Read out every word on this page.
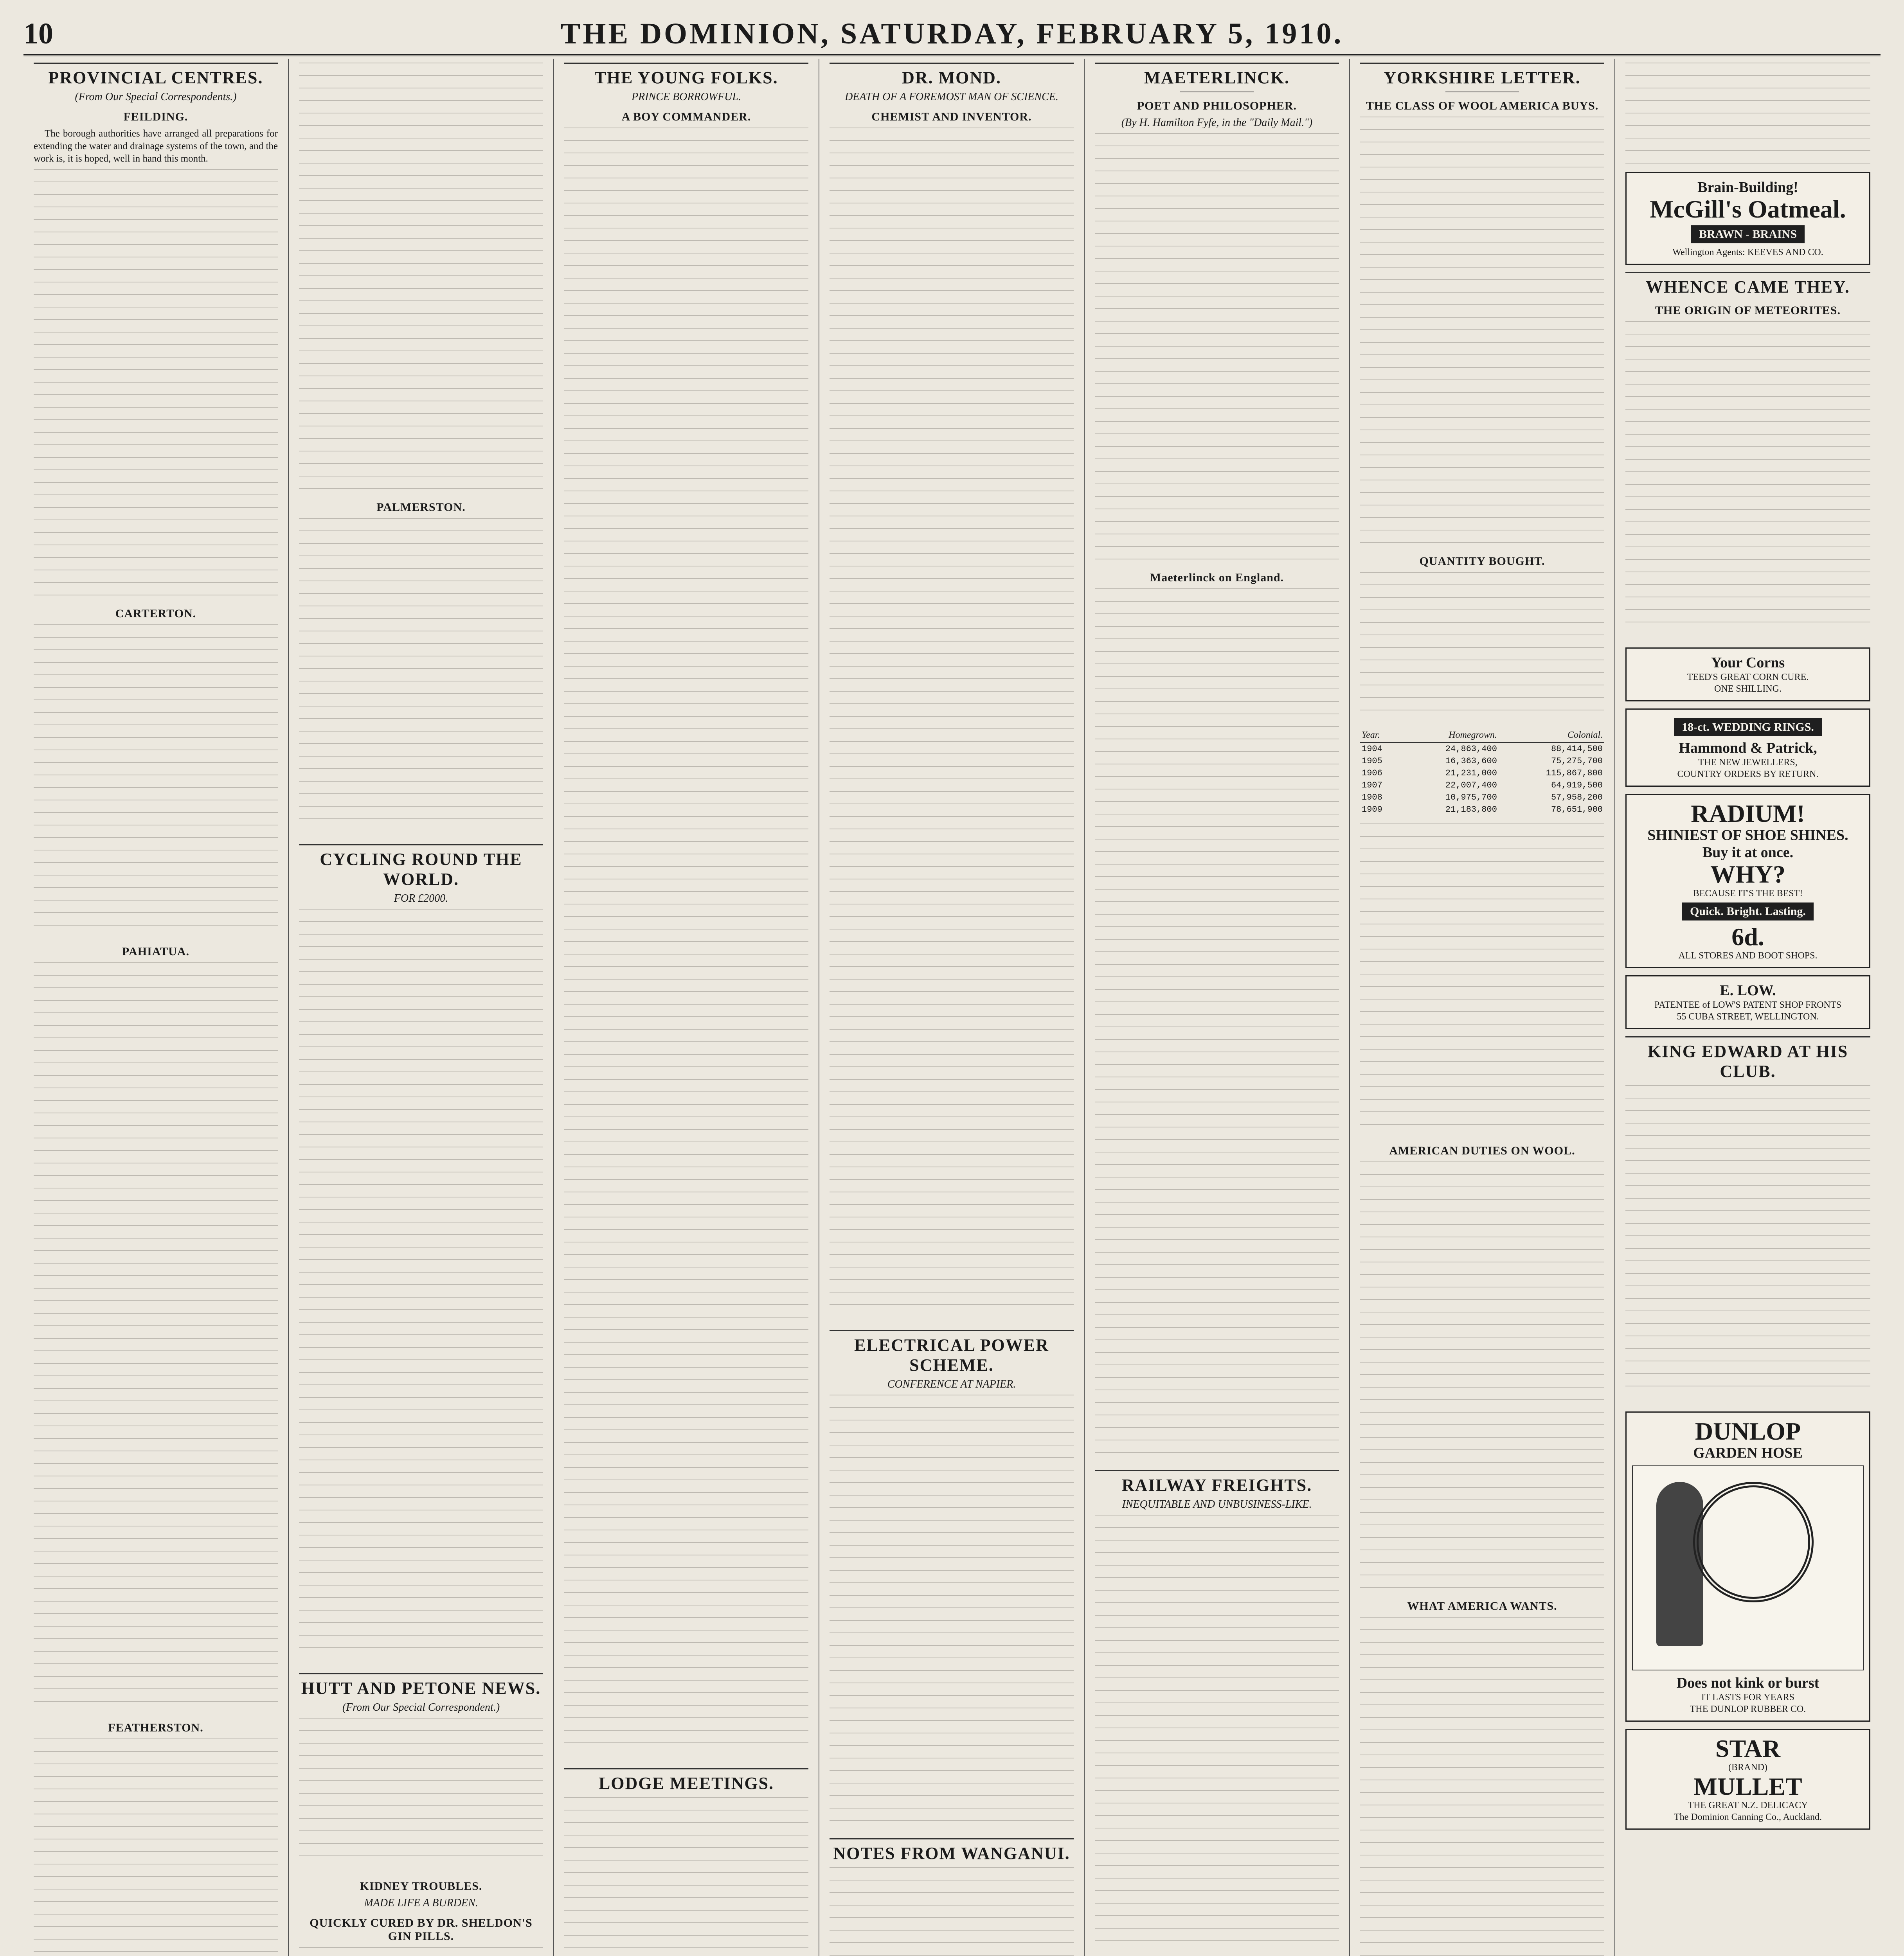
10	THE DOMINION, SATURDAY, FEBRUARY 5, 1910.
PROVINCIAL CENTRES.
(From Our Special Correspondents.)
FEILDING.

The borough authorities have arranged all preparations for extending the water and drainage systems of the town, and the work is, it is hoped, well in hand this month.

CARTERTON.
PAHIATUA.
FEATHERSTON.

PALMERSTON.
CYCLING ROUND THE WORLD.
FOR £2000.
HUTT AND PETONE NEWS.
(From Our Special Correspondent.)
KIDNEY TROUBLES.
MADE LIFE A BURDEN.
QUICKLY CURED BY DR. SHELDON'S GIN PILLS.
THE YOUNG FOLKS.
PRINCE BORROWFUL.
A BOY COMMANDER.
LODGE MEETINGS.
DR. MOND.
DEATH OF A FOREMOST MAN OF SCIENCE.
CHEMIST AND INVENTOR.
ELECTRICAL POWER SCHEME.
CONFERENCE AT NAPIER.
NOTES FROM WANGANUI.
MAETERLINCK.
POET AND PHILOSOPHER.
(By H. Hamilton Fyfe, in the "Daily Mail.")
Maeterlinck on England.
RAILWAY FREIGHTS.
INEQUITABLE AND UNBUSINESS-LIKE.
YORKSHIRE LETTER.
THE CLASS OF WOOL AMERICA BUYS.
QUANTITY BOUGHT.
Year.	Homegrown.	Colonial.
1904	24,863,400	88,414,500
1905	16,363,600	75,275,700
1906	21,231,000	115,867,800
1907	22,007,400	64,919,500
1908	10,975,700	57,958,200
1909	21,183,800	78,651,900
AMERICAN DUTIES ON WOOL.
WHAT AMERICA WANTS.
Brain-Building!
McGill's Oatmeal.
BRAWN - BRAINS
Wellington Agents: KEEVES AND CO.
WHENCE CAME THEY.
THE ORIGIN OF METEORITES.
Your Corns
TEED'S GREAT CORN CURE.
ONE SHILLING.
18-ct. WEDDING RINGS.
Hammond & Patrick,
THE NEW JEWELLERS,
COUNTRY ORDERS BY RETURN.
RADIUM!
SHINIEST OF SHOE SHINES.
Buy it at once.
WHY?
BECAUSE IT'S THE BEST!
Quick. Bright. Lasting.
6d.
ALL STORES AND BOOT SHOPS.
E. LOW.
PATENTEE of LOW'S PATENT SHOP FRONTS
55 CUBA STREET, WELLINGTON.
KING EDWARD AT HIS CLUB.
DUNLOP
GARDEN HOSE
Does not kink or burst
IT LASTS FOR YEARS
THE DUNLOP RUBBER CO.
STAR
(BRAND)
MULLET
THE GREAT N.Z. DELICACY
The Dominion Canning Co., Auckland.
